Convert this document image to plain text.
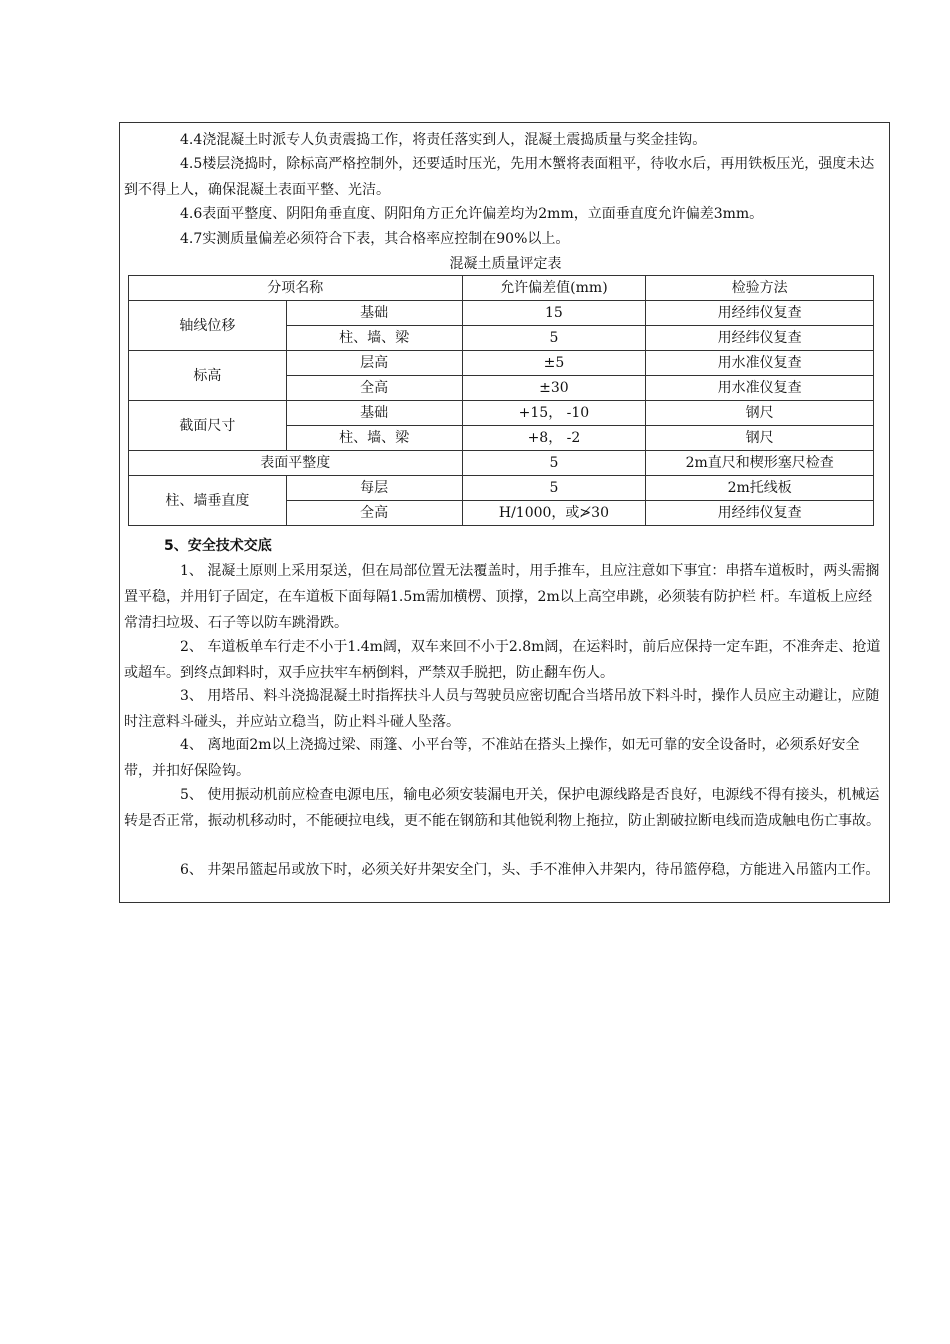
4.4浇混凝土时派专人负责震捣工作，将责任落实到人，混凝土震捣质量与奖金挂钩。

4.5楼层浇捣时，除标高严格控制外，还要适时压光，先用木蟹将表面粗平，待收水后，再用铁板压光，强度未达到不得上人，确保混凝土表面平整、光洁。

4.6表面平整度、阴阳角垂直度、阴阳角方正允许偏差均为2mm，立面垂直度允许偏差3mm。

4.7实测质量偏差必须符合下表，其合格率应控制在90%以上。

混凝土质量评定表

分项名称		允许偏差值(mm)	检验方法
轴线位移	基础	15	用经纬仪复查
	柱、墙、梁	5	用经纬仪复查
标高	层高	±5	用水准仪复查
	全高	±30	用水准仪复查
截面尺寸	基础	+15， -10	钢尺
	柱、墙、梁	+8， -2	钢尺
表面平整度		5	2m直尺和楔形塞尺检查
柱、墙垂直度	每层	5	2m托线板
	全高	H/1000，或≯30	用经纬仪复查

5、安全技术交底

1、 混凝土原则上采用泵送，但在局部位置无法覆盖时，用手推车，且应注意如下事宜：串搭车道板时，两头需搁置平稳，并用钉子固定，在车道板下面每隔1.5m需加横楞、顶撑，2m以上高空串跳，必须装有防护栏 杆。车道板上应经常清扫垃圾、石子等以防车跳滑跌。

2、 车道板单车行走不小于1.4m阔，双车来回不小于2.8m阔，在运料时，前后应保持一定车距，不准奔走、抢道或超车。到终点卸料时，双手应扶牢车柄倒料，严禁双手脱把，防止翻车伤人。

3、 用塔吊、料斗浇捣混凝土时指挥扶斗人员与驾驶员应密切配合当塔吊放下料斗时，操作人员应主动避让，应随时注意料斗碰头，并应站立稳当，防止料斗碰人坠落。

4、 离地面2m以上浇捣过梁、雨篷、小平台等，不准站在搭头上操作，如无可靠的安全设备时，必须系好安全带，并扣好保险钩。

5、 使用振动机前应检查电源电压，输电必须安装漏电开关，保护电源线路是否良好，电源线不得有接头，机械运转是否正常，振动机移动时，不能硬拉电线，更不能在钢筋和其他锐利物上拖拉，防止割破拉断电线而造成触电伤亡事故。

6、 井架吊篮起吊或放下时，必须关好井架安全门，头、手不准伸入井架内，待吊篮停稳，方能进入吊篮内工作。
